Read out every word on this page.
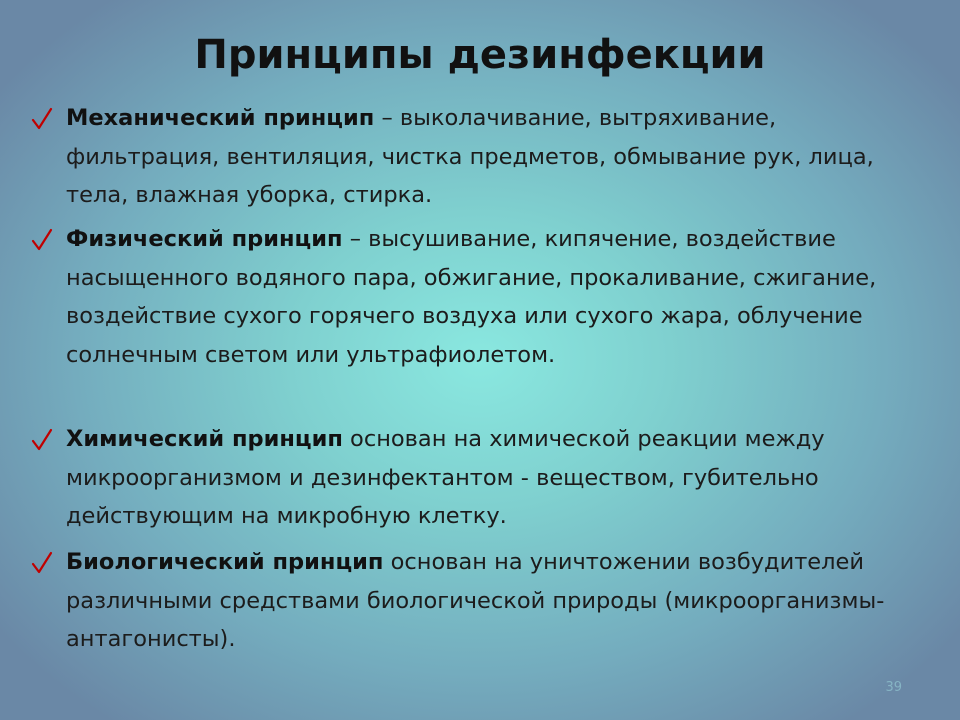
Принципы дезинфекции
Механический принцип – выколачивание, вытряхивание, фильтрация, вентиляция, чистка предметов, обмывание рук, лица, тела, влажная уборка, стирка.
Физический принцип – высушивание, кипячение, воздействие насыщенного водяного пара, обжигание, прокаливание, сжигание, воздействие сухого горячего воздуха или сухого жара, облучение солнечным светом или ультрафиолетом.
Химический принцип основан на химической реакции между микроорганизмом и дезинфектантом - веществом, губительно действующим на микробную клетку.
Биологический принцип основан на уничтожении возбудителей различными средствами биологической природы (микроорганизмы-антагонисты).
39
